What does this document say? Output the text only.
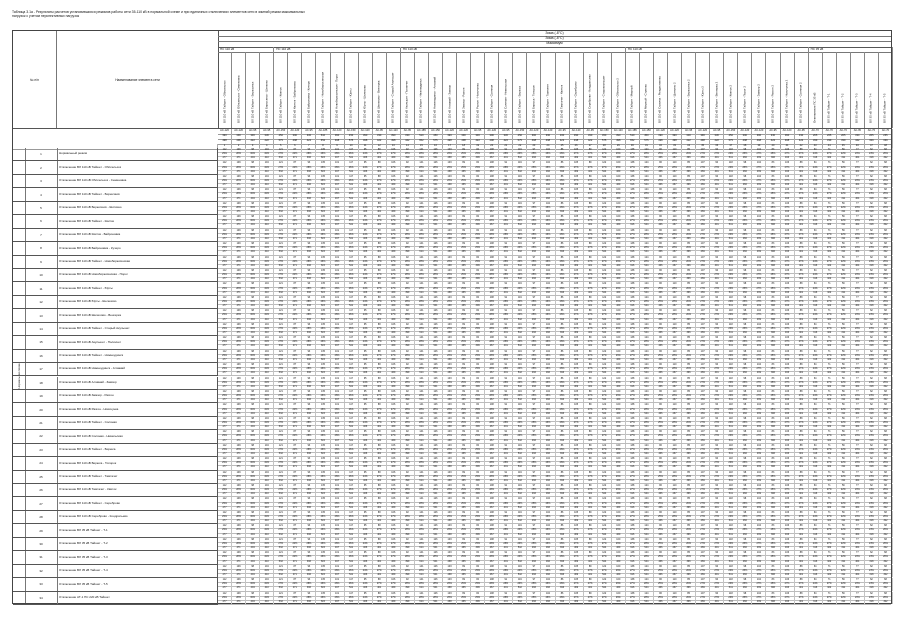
Таблица 3.1а - Результаты расчетов установившихся режимов работы сети 35-110 кВ в нормальной схеме и при единичных отключениях элементов сети в зимний режим максимальных нагрузок с учетом перспективных нагрузок
№ п/п	Наименование элемента сети
Зима (-8°С)
Зима (-8°С)
Максимум
ПС 110 кВ	ПС 110 кВ	ПС 110 кВ	ПС 110 кВ	ПС 35 кВ
ВЛ 110 кВ Тайшет - Облсельхоз	ВЛ 110 кВ Облсельхоз - Семеновка	ВЛ 110 кВ Тайшет - Бирюсинск	ВЛ 110 кВ Бирюсинск - Шиткино	ВЛ 110 кВ Тайшет - Квиток	ВЛ 110 кВ Квиток - Байроновка	ВЛ 110 кВ Байроновка - Кучеро	ВЛ 110 кВ Тайшет - Новобирюсинская	ВЛ 110 кВ Новобирюсинская - Порог	ВЛ 110 кВ Тайшет - Юрты	ВЛ 110 кВ Юрты - Шелехово	ВЛ 110 кВ Шелехово - Венгерка	ВЛ 110 кВ Тайшет - Старый Акульшет	ВЛ 110 кВ Акульшет - Полинчет	ВЛ 110 кВ Тайшет - Нижнеудинск	ВЛ 110 кВ Нижнеудинск - Алзамай	ВЛ 110 кВ Алзамай - Замзор	ВЛ 110 кВ Замзор - Разгон	ВЛ 110 кВ Разгон - Новочунка	ВЛ 110 кВ Тайшет - Соляная	ВЛ 110 кВ Соляная - Невельская	ВЛ 110 кВ Тайшет - Бирюса	ВЛ 110 кВ Бирюса - Топорок	ВЛ 110 кВ Тайшет - Тамтачет	ВЛ 110 кВ Тамтачет - Квиток	ВЛ 110 кВ Тайшет - Сереброво	ВЛ 110 кВ Сереброво - Кондратьево	ВЛ 110 кВ Тайшет - Староакульшет	ВЛ 110 кВ Тайшет - Облсельхоз 2	ВЛ 110 кВ Тайшет - Мирный	ВЛ 110 кВ Мирный - Стрелка	ВЛ 110 кВ Стрелка - Рождественка	ВЛ 110 кВ Тайшет - Шиткино 2	ВЛ 110 кВ Тайшет - Бирюсинск 2	ВЛ 110 кВ Тайшет - Юрты 2	ВЛ 110 кВ Тайшет - Венгерка 2	ВЛ 110 кВ Тайшет - Квиток 2	ВЛ 110 кВ Тайшет - Порог 2	ВЛ 110 кВ Тайшет - Замзор 2	ВЛ 110 кВ Тайшет - Разгон 2	ВЛ 110 кВ Тайшет - Новочунка 2	ВЛ 110 кВ Тайшет - Соляная 2	Ответвление ПС 35 кВ	ВЛ 35 кВ Тайшет - Т-1	ВЛ 35 кВ Тайшет - Т-2	ВЛ 35 кВ Тайшет - Т-3	ВЛ 35 кВ Тайшет - Т-4	ВЛ 35 кВ Тайшет - Т-5
АС-120	АС-120	АС-95	АС-95	АС-150	АС-120	АС-95	АС-185	АС-120	АС-150	АС-120	АС-95	АС-120	АС-95	АС-185	АС-150	АС-120	АС-120	АС-95	АС-120	АС-95	АС-150	АС-120	АС-120	АС-95	АС-120	АС-95	АС-150	АС-120	АС-185	АС-150	АС-120	АС-120	АС-95	АС-120	АС-95	АС-150	АС-120	АС-120	АС-95	АС-120	АС-95	АС-70	АС-70	АС-70	АС-95	АС-70	АС-70
390	390	330	330	450	390	330	510	390	450	390	330	390	330	510	450	390	390	330	390	330	450	390	390	330	390	330	450	390	510	450	390	390	330	390	330	450	390	390	330	390	330	265	265	265	330	265	265
498	498	422	422	575	498	422	652	498	575	498	422	498	422	652	575	498	498	422	498	422	575	498	498	422	498	422	575	498	652	575	498	498	422	498	422	575	498	498	422	498	422	339	339	339	422	339	339
1	2	3	4	5	6	7	8	9	10	11	12	13	14	15	16	17	18	19	20	21	22	23	24	25	26	27	28	29	30	31	32	33	34	35	36	37	38	39	40	41	42	43	44	45	46	47	48
Нормальная схема
1	Нормальный режим
112	109	98	104	121	87	93	135	101	117	95	88	106	92	141	126	103	99	84	108	91	119	97	102	86	105	89	122	100	138	124	96	110	85	107	90	118	98	104	83	106	88	64	71	59	77	62	68
29%	28%	30%	32%	27%	22%	28%	26%	26%	26%	24%	27%	27%	28%	28%	28%	26%	25%	25%	28%	28%	26%	25%	26%	26%	27%	27%	27%	26%	27%	28%	25%	28%	26%	27%	27%	26%	25%	27%	25%	27%	27%	24%	27%	22%	23%	23%	26%
477	471	404	410	532	471	396	615	467	541	466	401	469	399	614	541	468	465	396	467	401	542	466	466	396	469	401	544	469	616	544	466	467	396	469	401	541	466	469	396	466	401	316	322	311	404	318	322
2	Отключение ВЛ 110 кВ Тайшет - Облсельхоз
112	109	98	104	121	87	93	135	101	117	95	88	106	92	141	126	103	99	84	108	91	119	97	102	86	105	89	122	100	138	124	96	110	85	107	90	118	98	104	83	106	88	64	71	59	77	62	68
29%	28%	30%	32%	27%	22%	28%	26%	26%	26%	24%	27%	27%	28%	28%	28%	26%	25%	25%	28%	28%	26%	25%	26%	26%	27%	27%	27%	26%	27%	28%	25%	28%	26%	27%	27%	26%	25%	27%	25%	27%	27%	24%	27%	22%	23%	23%	26%
477	471	404	410	532	471	396	615	467	541	466	401	469	399	614	541	468	465	396	467	401	542	466	466	396	469	401	544	469	616	544	466	467	396	469	401	541	466	469	396	466	401	316	322	311	404	318	322
3	Отключение ВЛ 110 кВ Облсельхоз - Семеновка
112	109	98	104	121	87	93	135	101	117	95	88	106	92	141	126	103	99	84	108	91	119	97	102	86	105	89	122	100	138	124	96	110	85	107	90	118	98	104	83	106	88	64	71	59	77	62	68
29%	28%	30%	32%	27%	22%	28%	26%	26%	26%	24%	27%	27%	28%	28%	28%	26%	25%	25%	28%	28%	26%	25%	26%	26%	27%	27%	27%	26%	27%	28%	25%	28%	26%	27%	27%	26%	25%	27%	25%	27%	27%	24%	27%	22%	23%	23%	26%
477	471	404	410	532	471	396	615	467	541	466	401	469	399	614	541	468	465	396	467	401	542	466	466	396	469	401	544	469	616	544	466	467	396	469	401	541	466	469	396	466	401	316	322	311	404	318	322
4	Отключение ВЛ 110 кВ Тайшет - Бирюсинск
112	109	98	104	121	87	93	135	101	117	95	88	106	92	141	126	103	99	84	108	91	119	97	102	86	105	89	122	100	138	124	96	110	85	107	90	118	98	104	83	106	88	64	71	59	77	62	68
29%	28%	30%	32%	27%	22%	28%	26%	26%	26%	24%	27%	27%	28%	28%	28%	26%	25%	25%	28%	28%	26%	25%	26%	26%	27%	27%	27%	26%	27%	28%	25%	28%	26%	27%	27%	26%	25%	27%	25%	27%	27%	24%	27%	22%	23%	23%	26%
477	471	404	410	532	471	396	615	467	541	466	401	469	399	614	541	468	465	396	467	401	542	466	466	396	469	401	544	469	616	544	466	467	396	469	401	541	466	469	396	466	401	316	322	311	404	318	322
5	Отключение ВЛ 110 кВ Бирюсинск - Шиткино
112	109	98	104	121	87	93	135	101	117	95	88	106	92	141	126	103	99	84	108	91	119	97	102	86	105	89	122	100	138	124	96	110	85	107	90	118	98	104	83	106	88	64	71	59	77	62	68
29%	28%	30%	32%	27%	22%	28%	26%	26%	26%	24%	27%	27%	28%	28%	28%	26%	25%	25%	28%	28%	26%	25%	26%	26%	27%	27%	27%	26%	27%	28%	25%	28%	26%	27%	27%	26%	25%	27%	25%	27%	27%	24%	27%	22%	23%	23%	26%
477	471	404	410	532	471	396	615	467	541	466	401	469	399	614	541	468	465	396	467	401	542	466	466	396	469	401	544	469	616	544	466	467	396	469	401	541	466	469	396	466	401	316	322	311	404	318	322
6	Отключение ВЛ 110 кВ Тайшет - Квиток
112	109	98	104	121	87	93	135	101	117	95	88	106	92	141	126	103	99	84	108	91	119	97	102	86	105	89	122	100	138	124	96	110	85	107	90	118	98	104	83	106	88	64	71	59	77	62	68
29%	28%	30%	32%	27%	22%	28%	26%	26%	26%	24%	27%	27%	28%	28%	28%	26%	25%	25%	28%	28%	26%	25%	26%	26%	27%	27%	27%	26%	27%	28%	25%	28%	26%	27%	27%	26%	25%	27%	25%	27%	27%	24%	27%	22%	23%	23%	26%
477	471	404	410	532	471	396	615	467	541	466	401	469	399	614	541	468	465	396	467	401	542	466	466	396	469	401	544	469	616	544	466	467	396	469	401	541	466	469	396	466	401	316	322	311	404	318	322
7	Отключение ВЛ 110 кВ Квиток - Байроновка
112	109	98	104	121	87	93	135	101	117	95	88	106	92	141	126	103	99	84	108	91	119	97	102	86	105	89	122	100	138	124	96	110	85	107	90	118	98	104	83	106	88	64	71	59	77	62	68
29%	28%	30%	32%	27%	22%	28%	26%	26%	26%	24%	27%	27%	28%	28%	28%	26%	25%	25%	28%	28%	26%	25%	26%	26%	27%	27%	27%	26%	27%	28%	25%	28%	26%	27%	27%	26%	25%	27%	25%	27%	27%	24%	27%	22%	23%	23%	26%
477	471	404	410	532	471	396	615	467	541	466	401	469	399	614	541	468	465	396	467	401	542	466	466	396	469	401	544	469	616	544	466	467	396	469	401	541	466	469	396	466	401	316	322	311	404	318	322
8	Отключение ВЛ 110 кВ Байроновка - Кучеро
112	109	98	104	121	87	93	135	101	117	95	88	106	92	141	126	103	99	84	108	91	119	97	102	86	105	89	122	100	138	124	96	110	85	107	90	118	98	104	83	106	88	64	71	59	77	62	68
29%	28%	30%	32%	27%	22%	28%	26%	26%	26%	24%	27%	27%	28%	28%	28%	26%	25%	25%	28%	28%	26%	25%	26%	26%	27%	27%	27%	26%	27%	28%	25%	28%	26%	27%	27%	26%	25%	27%	25%	27%	27%	24%	27%	22%	23%	23%	26%
477	471	404	410	532	471	396	615	467	541	466	401	469	399	614	541	468	465	396	467	401	542	466	466	396	469	401	544	469	616	544	466	467	396	469	401	541	466	469	396	466	401	316	322	311	404	318	322
9	Отключение ВЛ 110 кВ Тайшет - Новобирюсинская
112	109	98	104	121	87	93	135	101	117	95	88	106	92	141	126	103	99	84	108	91	119	97	102	86	105	89	122	100	138	124	96	110	85	107	90	118	98	104	83	106	88	64	71	59	77	62	68
29%	28%	30%	32%	27%	22%	28%	26%	26%	26%	24%	27%	27%	28%	28%	28%	26%	25%	25%	28%	28%	26%	25%	26%	26%	27%	27%	27%	26%	27%	28%	25%	28%	26%	27%	27%	26%	25%	27%	25%	27%	27%	24%	27%	22%	23%	23%	26%
477	471	404	410	532	471	396	615	467	541	466	401	469	399	614	541	468	465	396	467	401	542	466	466	396	469	401	544	469	616	544	466	467	396	469	401	541	466	469	396	466	401	316	322	311	404	318	322
10	Отключение ВЛ 110 кВ Новобирюсинская - Порог
112	109	98	104	121	87	93	135	101	117	95	88	106	92	141	126	103	99	84	108	91	119	97	102	86	105	89	122	100	138	124	96	110	85	107	90	118	98	104	83	106	88	64	71	59	77	62	68
29%	28%	30%	32%	27%	22%	28%	26%	26%	26%	24%	27%	27%	28%	28%	28%	26%	25%	25%	28%	28%	26%	25%	26%	26%	27%	27%	27%	26%	27%	28%	25%	28%	26%	27%	27%	26%	25%	27%	25%	27%	27%	24%	27%	22%	23%	23%	26%
477	471	404	410	532	471	396	615	467	541	466	401	469	399	614	541	468	465	396	467	401	542	466	466	396	469	401	544	469	616	544	466	467	396	469	401	541	466	469	396	466	401	316	322	311	404	318	322
11	Отключение ВЛ 110 кВ Тайшет - Юрты
112	109	98	104	121	87	93	135	101	117	95	88	106	92	141	126	103	99	84	108	91	119	97	102	86	105	89	122	100	138	124	96	110	85	107	90	118	98	104	83	106	88	64	71	59	77	62	68
29%	28%	30%	32%	27%	22%	28%	26%	26%	26%	24%	27%	27%	28%	28%	28%	26%	25%	25%	28%	28%	26%	25%	26%	26%	27%	27%	27%	26%	27%	28%	25%	28%	26%	27%	27%	26%	25%	27%	25%	27%	27%	24%	27%	22%	23%	23%	26%
477	471	404	410	532	471	396	615	467	541	466	401	469	399	614	541	468	465	396	467	401	542	466	466	396	469	401	544	469	616	544	466	467	396	469	401	541	466	469	396	466	401	316	322	311	404	318	322
12	Отключение ВЛ 110 кВ Юрты - Шелехово
112	109	98	104	121	87	93	135	101	117	95	88	106	92	141	126	103	99	84	108	91	119	97	102	86	105	89	122	100	138	124	96	110	85	107	90	118	98	104	83	106	88	64	71	59	77	62	68
29%	28%	30%	32%	27%	22%	28%	26%	26%	26%	24%	27%	27%	28%	28%	28%	26%	25%	25%	28%	28%	26%	25%	26%	26%	27%	27%	27%	26%	27%	28%	25%	28%	26%	27%	27%	26%	25%	27%	25%	27%	27%	24%	27%	22%	23%	23%	26%
477	471	404	410	532	471	396	615	467	541	466	401	469	399	614	541	468	465	396	467	401	542	466	466	396	469	401	544	469	616	544	466	467	396	469	401	541	466	469	396	466	401	316	322	311	404	318	322
13	Отключение ВЛ 110 кВ Шелехово - Венгерка
112	109	98	104	121	87	93	135	101	117	95	88	106	92	141	126	103	99	84	108	91	119	97	102	86	105	89	122	100	138	124	96	110	85	107	90	118	98	104	83	106	88	64	71	59	77	62	68
29%	28%	30%	32%	27%	22%	28%	26%	26%	26%	24%	27%	27%	28%	28%	28%	26%	25%	25%	28%	28%	26%	25%	26%	26%	27%	27%	27%	26%	27%	28%	25%	28%	26%	27%	27%	26%	25%	27%	25%	27%	27%	24%	27%	22%	23%	23%	26%
477	471	404	410	532	471	396	615	467	541	466	401	469	399	614	541	468	465	396	467	401	542	466	466	396	469	401	544	469	616	544	466	467	396	469	401	541	466	469	396	466	401	316	322	311	404	318	322
14	Отключение ВЛ 110 кВ Тайшет - Старый Акульшет
112	109	98	104	121	87	93	135	101	117	95	88	106	92	141	126	103	99	84	108	91	119	97	102	86	105	89	122	100	138	124	96	110	85	107	90	118	98	104	83	106	88	64	71	59	77	62	68
29%	28%	30%	32%	27%	22%	28%	26%	26%	26%	24%	27%	27%	28%	28%	28%	26%	25%	25%	28%	28%	26%	25%	26%	26%	27%	27%	27%	26%	27%	28%	25%	28%	26%	27%	27%	26%	25%	27%	25%	27%	27%	24%	27%	22%	23%	23%	26%
477	471	404	410	532	471	396	615	467	541	466	401	469	399	614	541	468	465	396	467	401	542	466	466	396	469	401	544	469	616	544	466	467	396	469	401	541	466	469	396	466	401	316	322	311	404	318	322
15	Отключение ВЛ 110 кВ Акульшет - Полинчет
112	109	98	104	121	87	93	135	101	117	95	88	106	92	141	126	103	99	84	108	91	119	97	102	86	105	89	122	100	138	124	96	110	85	107	90	118	98	104	83	106	88	64	71	59	77	62	68
29%	28%	30%	32%	27%	22%	28%	26%	26%	26%	24%	27%	27%	28%	28%	28%	26%	25%	25%	28%	28%	26%	25%	26%	26%	27%	27%	27%	26%	27%	28%	25%	28%	26%	27%	27%	26%	25%	27%	25%	27%	27%	24%	27%	22%	23%	23%	26%
477	471	404	410	532	471	396	615	467	541	466	401	469	399	614	541	468	465	396	467	401	542	466	466	396	469	401	544	469	616	544	466	467	396	469	401	541	466	469	396	466	401	316	322	311	404	318	322
16	Отключение ВЛ 110 кВ Тайшет - Нижнеудинск
112	109	98	104	121	87	93	135	101	117	95	88	106	92	141	126	103	99	84	108	91	119	97	102	86	105	89	122	100	138	124	96	110	85	107	90	118	98	104	83	106	88	64	71	59	77	62	68
29%	28%	30%	32%	27%	22%	28%	26%	26%	26%	24%	27%	27%	28%	28%	28%	26%	25%	25%	28%	28%	26%	25%	26%	26%	27%	27%	27%	26%	27%	28%	25%	28%	26%	27%	27%	26%	25%	27%	25%	27%	27%	24%	27%	22%	23%	23%	26%
477	471	404	410	532	471	396	615	467	541	466	401	469	399	614	541	468	465	396	467	401	542	466	466	396	469	401	544	469	616	544	466	467	396	469	401	541	466	469	396	466	401	316	322	311	404	318	322
17	Отключение ВЛ 110 кВ Нижнеудинск - Алзамай
112	109	98	104	121	87	93	135	101	117	95	88	106	92	141	126	103	99	84	108	91	119	97	102	86	105	89	122	100	138	124	96	110	85	107	90	118	98	104	83	106	88	64	71	59	77	62	68
29%	28%	30%	32%	27%	22%	28%	26%	26%	26%	24%	27%	27%	28%	28%	28%	26%	25%	25%	28%	28%	26%	25%	26%	26%	27%	27%	27%	26%	27%	28%	25%	28%	26%	27%	27%	26%	25%	27%	25%	27%	27%	24%	27%	22%	23%	23%	26%
477	471	404	410	532	471	396	615	467	541	466	401	469	399	614	541	468	465	396	467	401	542	466	466	396	469	401	544	469	616	544	466	467	396	469	401	541	466	469	396	466	401	316	322	311	404	318	322
18	Отключение ВЛ 110 кВ Алзамай - Замзор
112	109	98	104	121	87	93	135	101	117	95	88	106	92	141	126	103	99	84	108	91	119	97	102	86	105	89	122	100	138	124	96	110	85	107	90	118	98	104	83	106	88	64	71	59	77	62	68
29%	28%	30%	32%	27%	22%	28%	26%	26%	26%	24%	27%	27%	28%	28%	28%	26%	25%	25%	28%	28%	26%	25%	26%	26%	27%	27%	27%	26%	27%	28%	25%	28%	26%	27%	27%	26%	25%	27%	25%	27%	27%	24%	27%	22%	23%	23%	26%
477	471	404	410	532	471	396	615	467	541	466	401	469	399	614	541	468	465	396	467	401	542	466	466	396	469	401	544	469	616	544	466	467	396	469	401	541	466	469	396	466	401	316	322	311	404	318	322
19	Отключение ВЛ 110 кВ Замзор - Разгон
112	109	98	104	121	87	93	135	101	117	95	88	106	92	141	126	103	99	84	108	91	119	97	102	86	105	89	122	100	138	124	96	110	85	107	90	118	98	104	83	106	88	64	71	59	77	62	68
29%	28%	30%	32%	27%	22%	28%	26%	26%	26%	24%	27%	27%	28%	28%	28%	26%	25%	25%	28%	28%	26%	25%	26%	26%	27%	27%	27%	26%	27%	28%	25%	28%	26%	27%	27%	26%	25%	27%	25%	27%	27%	24%	27%	22%	23%	23%	26%
477	471	404	410	532	471	396	615	467	541	466	401	469	399	614	541	468	465	396	467	401	542	466	466	396	469	401	544	469	616	544	466	467	396	469	401	541	466	469	396	466	401	316	322	311	404	318	322
20	Отключение ВЛ 110 кВ Разгон - Новочунка
112	109	98	104	121	87	93	135	101	117	95	88	106	92	141	126	103	99	84	108	91	119	97	102	86	105	89	122	100	138	124	96	110	85	107	90	118	98	104	83	106	88	64	71	59	77	62	68
29%	28%	30%	32%	27%	22%	28%	26%	26%	26%	24%	27%	27%	28%	28%	28%	26%	25%	25%	28%	28%	26%	25%	26%	26%	27%	27%	27%	26%	27%	28%	25%	28%	26%	27%	27%	26%	25%	27%	25%	27%	27%	24%	27%	22%	23%	23%	26%
477	471	404	410	532	471	396	615	467	541	466	401	469	399	614	541	468	465	396	467	401	542	466	466	396	469	401	544	469	616	544	466	467	396	469	401	541	466	469	396	466	401	316	322	311	404	318	322
21	Отключение ВЛ 110 кВ Тайшет - Соляная
112	109	98	104	121	87	93	135	101	117	95	88	106	92	141	126	103	99	84	108	91	119	97	102	86	105	89	122	100	138	124	96	110	85	107	90	118	98	104	83	106	88	64	71	59	77	62	68
29%	28%	30%	32%	27%	22%	28%	26%	26%	26%	24%	27%	27%	28%	28%	28%	26%	25%	25%	28%	28%	26%	25%	26%	26%	27%	27%	27%	26%	27%	28%	25%	28%	26%	27%	27%	26%	25%	27%	25%	27%	27%	24%	27%	22%	23%	23%	26%
477	471	404	410	532	471	396	615	467	541	466	401	469	399	614	541	468	465	396	467	401	542	466	466	396	469	401	544	469	616	544	466	467	396	469	401	541	466	469	396	466	401	316	322	311	404	318	322
22	Отключение ВЛ 110 кВ Соляная - Невельская
112	109	98	104	121	87	93	135	101	117	95	88	106	92	141	126	103	99	84	108	91	119	97	102	86	105	89	122	100	138	124	96	110	85	107	90	118	98	104	83	106	88	64	71	59	77	62	68
29%	28%	30%	32%	27%	22%	28%	26%	26%	26%	24%	27%	27%	28%	28%	28%	26%	25%	25%	28%	28%	26%	25%	26%	26%	27%	27%	27%	26%	27%	28%	25%	28%	26%	27%	27%	26%	25%	27%	25%	27%	27%	24%	27%	22%	23%	23%	26%
477	471	404	410	532	471	396	615	467	541	466	401	469	399	614	541	468	465	396	467	401	542	466	466	396	469	401	544	469	616	544	466	467	396	469	401	541	466	469	396	466	401	316	322	311	404	318	322
23	Отключение ВЛ 110 кВ Тайшет - Бирюса
112	109	98	104	121	87	93	135	101	117	95	88	106	92	141	126	103	99	84	108	91	119	97	102	86	105	89	122	100	138	124	96	110	85	107	90	118	98	104	83	106	88	64	71	59	77	62	68
29%	28%	30%	32%	27%	22%	28%	26%	26%	26%	24%	27%	27%	28%	28%	28%	26%	25%	25%	28%	28%	26%	25%	26%	26%	27%	27%	27%	26%	27%	28%	25%	28%	26%	27%	27%	26%	25%	27%	25%	27%	27%	24%	27%	22%	23%	23%	26%
477	471	404	410	532	471	396	615	467	541	466	401	469	399	614	541	468	465	396	467	401	542	466	466	396	469	401	544	469	616	544	466	467	396	469	401	541	466	469	396	466	401	316	322	311	404	318	322
24	Отключение ВЛ 110 кВ Бирюса - Топорок
112	109	98	104	121	87	93	135	101	117	95	88	106	92	141	126	103	99	84	108	91	119	97	102	86	105	89	122	100	138	124	96	110	85	107	90	118	98	104	83	106	88	64	71	59	77	62	68
29%	28%	30%	32%	27%	22%	28%	26%	26%	26%	24%	27%	27%	28%	28%	28%	26%	25%	25%	28%	28%	26%	25%	26%	26%	27%	27%	27%	26%	27%	28%	25%	28%	26%	27%	27%	26%	25%	27%	25%	27%	27%	24%	27%	22%	23%	23%	26%
477	471	404	410	532	471	396	615	467	541	466	401	469	399	614	541	468	465	396	467	401	542	466	466	396	469	401	544	469	616	544	466	467	396	469	401	541	466	469	396	466	401	316	322	311	404	318	322
25	Отключение ВЛ 110 кВ Тайшет - Тамтачет
112	109	98	104	121	87	93	135	101	117	95	88	106	92	141	126	103	99	84	108	91	119	97	102	86	105	89	122	100	138	124	96	110	85	107	90	118	98	104	83	106	88	64	71	59	77	62	68
29%	28%	30%	32%	27%	22%	28%	26%	26%	26%	24%	27%	27%	28%	28%	28%	26%	25%	25%	28%	28%	26%	25%	26%	26%	27%	27%	27%	26%	27%	28%	25%	28%	26%	27%	27%	26%	25%	27%	25%	27%	27%	24%	27%	22%	23%	23%	26%
477	471	404	410	532	471	396	615	467	541	466	401	469	399	614	541	468	465	396	467	401	542	466	466	396	469	401	544	469	616	544	466	467	396	469	401	541	466	469	396	466	401	316	322	311	404	318	322
26	Отключение ВЛ 110 кВ Тамтачет - Квиток
112	109	98	104	121	87	93	135	101	117	95	88	106	92	141	126	103	99	84	108	91	119	97	102	86	105	89	122	100	138	124	96	110	85	107	90	118	98	104	83	106	88	64	71	59	77	62	68
29%	28%	30%	32%	27%	22%	28%	26%	26%	26%	24%	27%	27%	28%	28%	28%	26%	25%	25%	28%	28%	26%	25%	26%	26%	27%	27%	27%	26%	27%	28%	25%	28%	26%	27%	27%	26%	25%	27%	25%	27%	27%	24%	27%	22%	23%	23%	26%
477	471	404	410	532	471	396	615	467	541	466	401	469	399	614	541	468	465	396	467	401	542	466	466	396	469	401	544	469	616	544	466	467	396	469	401	541	466	469	396	466	401	316	322	311	404	318	322
27	Отключение ВЛ 110 кВ Тайшет - Сереброво
112	109	98	104	121	87	93	135	101	117	95	88	106	92	141	126	103	99	84	108	91	119	97	102	86	105	89	122	100	138	124	96	110	85	107	90	118	98	104	83	106	88	64	71	59	77	62	68
29%	28%	30%	32%	27%	22%	28%	26%	26%	26%	24%	27%	27%	28%	28%	28%	26%	25%	25%	28%	28%	26%	25%	26%	26%	27%	27%	27%	26%	27%	28%	25%	28%	26%	27%	27%	26%	25%	27%	25%	27%	27%	24%	27%	22%	23%	23%	26%
477	471	404	410	532	471	396	615	467	541	466	401	469	399	614	541	468	465	396	467	401	542	466	466	396	469	401	544	469	616	544	466	467	396	469	401	541	466	469	396	466	401	316	322	311	404	318	322
28	Отключение ВЛ 110 кВ Сереброво - Кондратьево
112	109	98	104	121	87	93	135	101	117	95	88	106	92	141	126	103	99	84	108	91	119	97	102	86	105	89	122	100	138	124	96	110	85	107	90	118	98	104	83	106	88	64	71	59	77	62	68
29%	28%	30%	32%	27%	22%	28%	26%	26%	26%	24%	27%	27%	28%	28%	28%	26%	25%	25%	28%	28%	26%	25%	26%	26%	27%	27%	27%	26%	27%	28%	25%	28%	26%	27%	27%	26%	25%	27%	25%	27%	27%	24%	27%	22%	23%	23%	26%
477	471	404	410	532	471	396	615	467	541	466	401	469	399	614	541	468	465	396	467	401	542	466	466	396	469	401	544	469	616	544	466	467	396	469	401	541	466	469	396	466	401	316	322	311	404	318	322
29	Отключение ВЛ 35 кВ Тайшет - Т-1
112	109	98	104	121	87	93	135	101	117	95	88	106	92	141	126	103	99	84	108	91	119	97	102	86	105	89	122	100	138	124	96	110	85	107	90	118	98	104	83	106	88	64	71	59	77	62	68
29%	28%	30%	32%	27%	22%	28%	26%	26%	26%	24%	27%	27%	28%	28%	28%	26%	25%	25%	28%	28%	26%	25%	26%	26%	27%	27%	27%	26%	27%	28%	25%	28%	26%	27%	27%	26%	25%	27%	25%	27%	27%	24%	27%	22%	23%	23%	26%
477	471	404	410	532	471	396	615	467	541	466	401	469	399	614	541	468	465	396	467	401	542	466	466	396	469	401	544	469	616	544	466	467	396	469	401	541	466	469	396	466	401	316	322	311	404	318	322
30	Отключение ВЛ 35 кВ Тайшет - Т-2
112	109	98	104	121	87	93	135	101	117	95	88	106	92	141	126	103	99	84	108	91	119	97	102	86	105	89	122	100	138	124	96	110	85	107	90	118	98	104	83	106	88	64	71	59	77	62	68
29%	28%	30%	32%	27%	22%	28%	26%	26%	26%	24%	27%	27%	28%	28%	28%	26%	25%	25%	28%	28%	26%	25%	26%	26%	27%	27%	27%	26%	27%	28%	25%	28%	26%	27%	27%	26%	25%	27%	25%	27%	27%	24%	27%	22%	23%	23%	26%
477	471	404	410	532	471	396	615	467	541	466	401	469	399	614	541	468	465	396	467	401	542	466	466	396	469	401	544	469	616	544	466	467	396	469	401	541	466	469	396	466	401	316	322	311	404	318	322
31	Отключение ВЛ 35 кВ Тайшет - Т-3
112	109	98	104	121	87	93	135	101	117	95	88	106	92	141	126	103	99	84	108	91	119	97	102	86	105	89	122	100	138	124	96	110	85	107	90	118	98	104	83	106	88	64	71	59	77	62	68
29%	28%	30%	32%	27%	22%	28%	26%	26%	26%	24%	27%	27%	28%	28%	28%	26%	25%	25%	28%	28%	26%	25%	26%	26%	27%	27%	27%	26%	27%	28%	25%	28%	26%	27%	27%	26%	25%	27%	25%	27%	27%	24%	27%	22%	23%	23%	26%
477	471	404	410	532	471	396	615	467	541	466	401	469	399	614	541	468	465	396	467	401	542	466	466	396	469	401	544	469	616	544	466	467	396	469	401	541	466	469	396	466	401	316	322	311	404	318	322
32	Отключение ВЛ 35 кВ Тайшет - Т-4
112	109	98	104	121	87	93	135	101	117	95	88	106	92	141	126	103	99	84	108	91	119	97	102	86	105	89	122	100	138	124	96	110	85	107	90	118	98	104	83	106	88	64	71	59	77	62	68
29%	28%	30%	32%	27%	22%	28%	26%	26%	26%	24%	27%	27%	28%	28%	28%	26%	25%	25%	28%	28%	26%	25%	26%	26%	27%	27%	27%	26%	27%	28%	25%	28%	26%	27%	27%	26%	25%	27%	25%	27%	27%	24%	27%	22%	23%	23%	26%
477	471	404	410	532	471	396	615	467	541	466	401	469	399	614	541	468	465	396	467	401	542	466	466	396	469	401	544	469	616	544	466	467	396	469	401	541	466	469	396	466	401	316	322	311	404	318	322
33	Отключение ВЛ 35 кВ Тайшет - Т-5
112	109	98	104	121	87	93	135	101	117	95	88	106	92	141	126	103	99	84	108	91	119	97	102	86	105	89	122	100	138	124	96	110	85	107	90	118	98	104	83	106	88	64	71	59	77	62	68
29%	28%	30%	32%	27%	22%	28%	26%	26%	26%	24%	27%	27%	28%	28%	28%	26%	25%	25%	28%	28%	26%	25%	26%	26%	27%	27%	27%	26%	27%	28%	25%	28%	26%	27%	27%	26%	25%	27%	25%	27%	27%	24%	27%	22%	23%	23%	26%
477	471	404	410	532	471	396	615	467	541	466	401	469	399	614	541	468	465	396	467	401	542	466	466	396	469	401	544	469	616	544	466	467	396	469	401	541	466	469	396	466	401	316	322	311	404	318	322
34	Отключение АТ-1 ПС 220 кВ Тайшет
112	109	98	104	121	87	93	135	101	117	95	88	106	92	141	126	103	99	84	108	91	119	97	102	86	105	89	122	100	138	124	96	110	85	107	90	118	98	104	83	106	88	64	71	59	77	62	68
29%	28%	30%	32%	27%	22%	28%	26%	26%	26%	24%	27%	27%	28%	28%	28%	26%	25%	25%	28%	28%	26%	25%	26%	26%	27%	27%	27%	26%	27%	28%	25%	28%	26%	27%	27%	26%	25%	27%	25%	27%	27%	24%	27%	22%	23%	23%	26%
477	471	404	410	532	471	396	615	467	541	466	401	469	399	614	541	468	465	396	467	401	542	466	466	396	469	401	544	469	616	544	466	467	396	469	401	541	466	469	396	466	401	316	322	311	404	318	322
